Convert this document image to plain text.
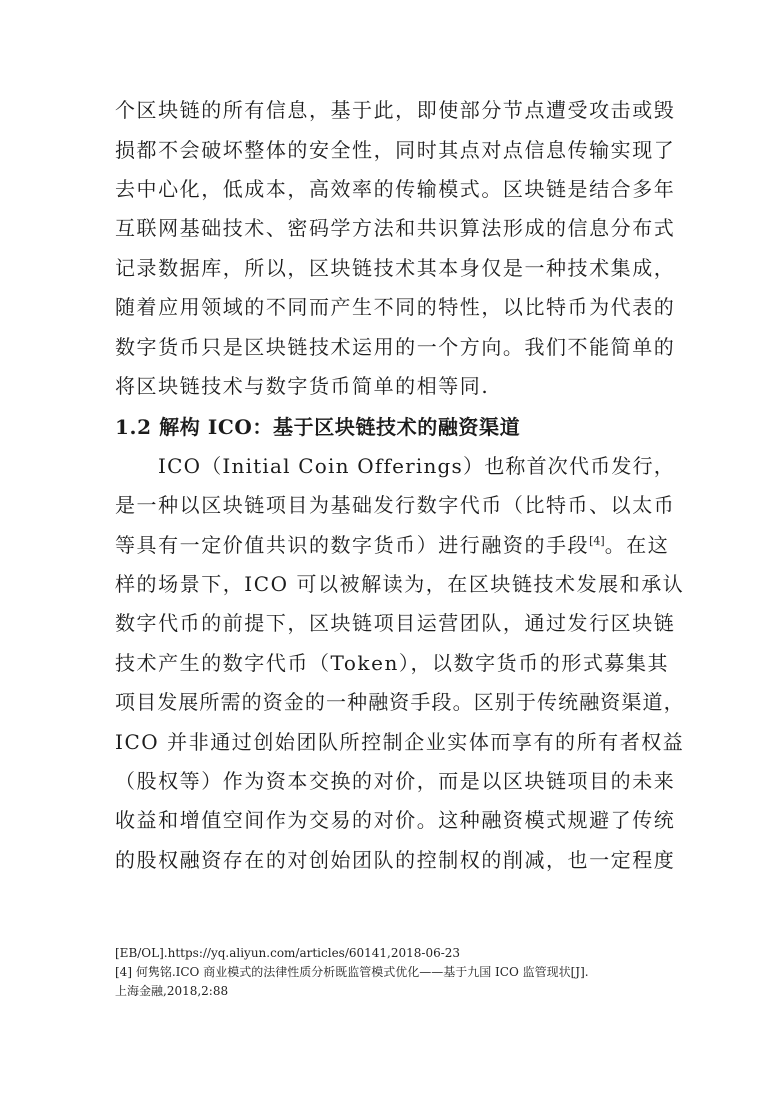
个区块链的所有信息，基于此，即使部分节点遭受攻击或毁
损都不会破坏整体的安全性，同时其点对点信息传输实现了
去中心化，低成本，高效率的传输模式。区块链是结合多年
互联网基础技术、密码学方法和共识算法形成的信息分布式
记录数据库，所以，区块链技术其本身仅是一种技术集成，
随着应用领域的不同而产生不同的特性，以比特币为代表的
数字货币只是区块链技术运用的一个方向。我们不能简单的
将区块链技术与数字货币简单的相等同.
1.2 解构 ICO：基于区块链技术的融资渠道
ICO（Initial Coin Offerings）也称首次代币发行，
是一种以区块链项目为基础发行数字代币（比特币、以太币
等具有一定价值共识的数字货币）进行融资的手段[4]。在这
样的场景下，ICO 可以被解读为，在区块链技术发展和承认
数字代币的前提下，区块链项目运营团队，通过发行区块链
技术产生的数字代币（Token），以数字货币的形式募集其
项目发展所需的资金的一种融资手段。区别于传统融资渠道，
ICO 并非通过创始团队所控制企业实体而享有的所有者权益
（股权等）作为资本交换的对价，而是以区块链项目的未来
收益和增值空间作为交易的对价。这种融资模式规避了传统
的股权融资存在的对创始团队的控制权的削减，也一定程度
[EB/OL].https://yq.aliyun.com/articles/60141,2018-06-23
[4] 何隽铭.ICO 商业模式的法律性质分析既监管模式优化——基于九国 ICO 监管现状[J].
上海金融,2018,2:88
